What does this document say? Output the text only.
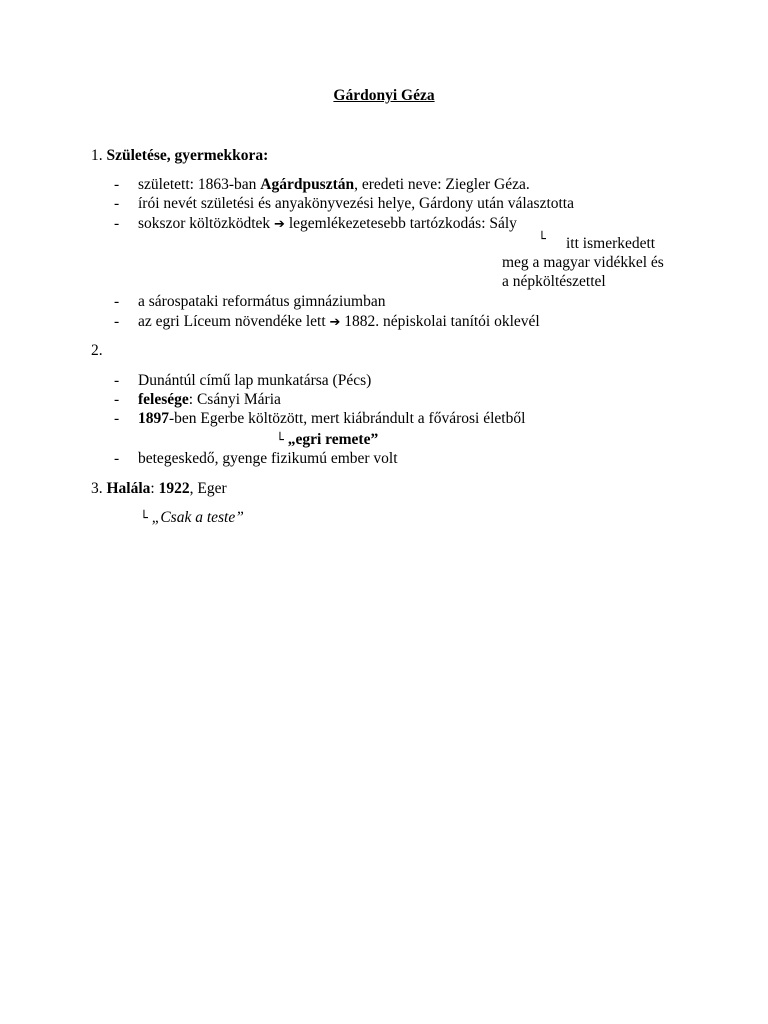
Gárdonyi Géza
1. Születése, gyermekkora:
- született: 1863-ban Agárdpusztán, eredeti neve: Ziegler Géza.
- írói nevét születési és anyakönyvezési helye, Gárdony után választotta
- sokszor költözködtek ➔ legemlékezetesebb tartózkodás: Sály
└ itt ismerkedett
meg a magyar vidékkel és
a népköltészettel
- a sárospataki református gimnáziumban
- az egri Líceum növendéke lett ➔ 1882. népiskolai tanítói oklevél
2.
- Dunántúl című lap munkatársa (Pécs)
- felesége: Csányi Mária
- 1897-ben Egerbe költözött, mert kiábrándult a fővárosi életből
└ „egri remete”
- betegeskedő, gyenge fizikumú ember volt
3. Halála: 1922, Eger
└ „Csak a teste”
